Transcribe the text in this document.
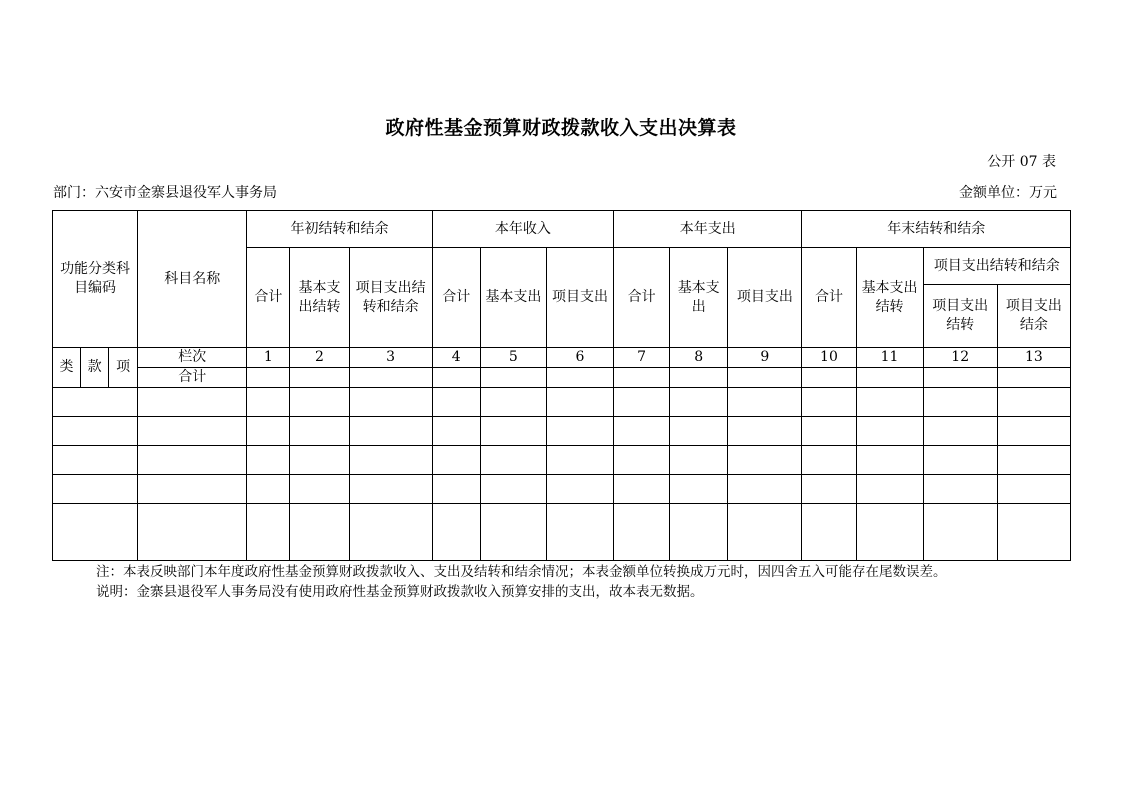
政府性基金预算财政拨款收入支出决算表
公开 07 表
部门：六安市金寨县退役军人事务局	金额单位：万元
功能分类科目编码			科目名称	年初结转和结余			本年收入			本年支出			年末结转和结余			
				合计	基本支出结转	项目支出结转和结余	合计	基本支出	项目支出	合计	基本支出	项目支出	合计	基本支出结转	项目支出结转和结余	
															项目支出结转	项目支出结余
类	款	项	栏次	1	2	3	4	5	6	7	8	9	10	11	12	13
			合计													

注：本表反映部门本年度政府性基金预算财政拨款收入、支出及结转和结余情况；本表金额单位转换成万元时，因四舍五入可能存在尾数误差。
说明：金寨县退役军人事务局没有使用政府性基金预算财政拨款收入预算安排的支出，故本表无数据。
